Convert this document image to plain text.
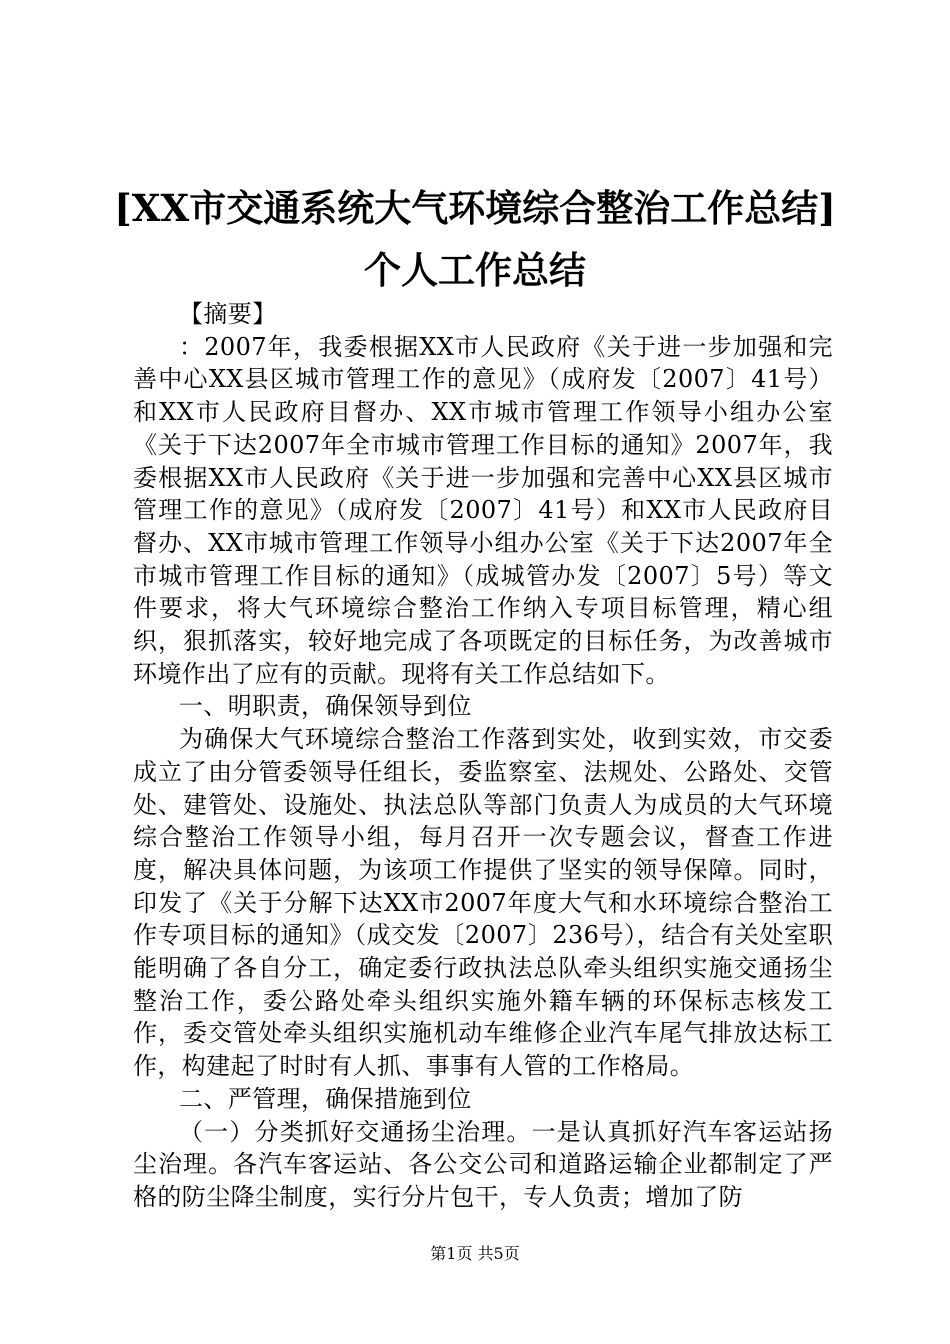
[XX市交通系统大气环境综合整治工作总结]
个人工作总结

【摘要】

：2007年，我委根据XX市人民政府《关于进一步加强和完善中心XX县区城市管理工作的意见》（成府发〔2007〕41号）和XX市人民政府目督办、XX市城市管理工作领导小组办公室《关于下达2007年全市城市管理工作目标的通知》2007年，我委根据XX市人民政府《关于进一步加强和完善中心XX县区城市管理工作的意见》（成府发〔2007〕41号）和XX市人民政府目督办、XX市城市管理工作领导小组办公室《关于下达2007年全市城市管理工作目标的通知》（成城管办发〔2007〕5号）等文件要求，将大气环境综合整治工作纳入专项目标管理，精心组织，狠抓落实，较好地完成了各项既定的目标任务，为改善城市环境作出了应有的贡献。现将有关工作总结如下。

一、明职责，确保领导到位

为确保大气环境综合整治工作落到实处，收到实效，市交委成立了由分管委领导任组长，委监察室、法规处、公路处、交管处、建管处、设施处、执法总队等部门负责人为成员的大气环境综合整治工作领导小组，每月召开一次专题会议，督查工作进度，解决具体问题，为该项工作提供了坚实的领导保障。同时，印发了《关于分解下达XX市2007年度大气和水环境综合整治工作专项目标的通知》（成交发〔2007〕236号），结合有关处室职能明确了各自分工，确定委行政执法总队牵头组织实施交通扬尘整治工作，委公路处牵头组织实施外籍车辆的环保标志核发工作，委交管处牵头组织实施机动车维修企业汽车尾气排放达标工作，构建起了时时有人抓、事事有人管的工作格局。

二、严管理，确保措施到位

（一）分类抓好交通扬尘治理。一是认真抓好汽车客运站扬尘治理。各汽车客运站、各公交公司和道路运输企业都制定了严格的防尘降尘制度，实行分片包干，专人负责；增加了防

第1页 共5页
